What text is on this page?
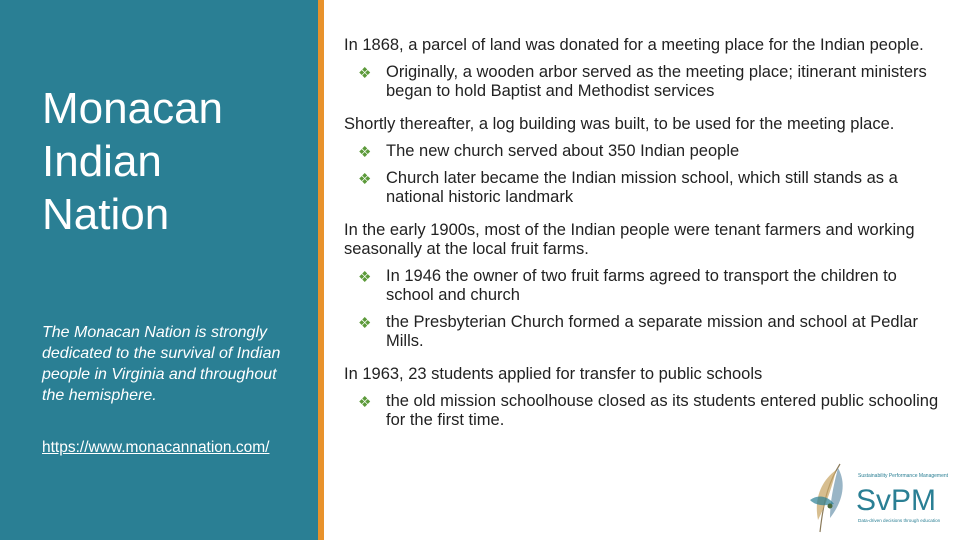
Monacan
Indian
Nation

The Monacan Nation is strongly dedicated to the survival of Indian people in Virginia and throughout the hemisphere.

https://www.monacannation.com/

In 1868, a parcel of land was donated for a meeting place for the Indian people.

❖ Originally, a wooden arbor served as the meeting place; itinerant ministers began to hold Baptist and Methodist services

Shortly thereafter, a log building was built, to be used for the meeting place.

❖ The new church served about 350 Indian people
❖ Church later became the Indian mission school, which still stands as a national historic landmark

In the early 1900s, most of the Indian people were tenant farmers and working seasonally at the local fruit farms.

❖ In 1946 the owner of two fruit farms agreed to transport the children to school and church
❖ the Presbyterian Church formed a separate mission and school at Pedlar Mills.

In 1963, 23 students applied for transfer to public schools

❖ the old mission schoolhouse closed as its students entered public schooling for the first time.
Sustainability Performance Management
SvPM
Data-driven decisions through education
